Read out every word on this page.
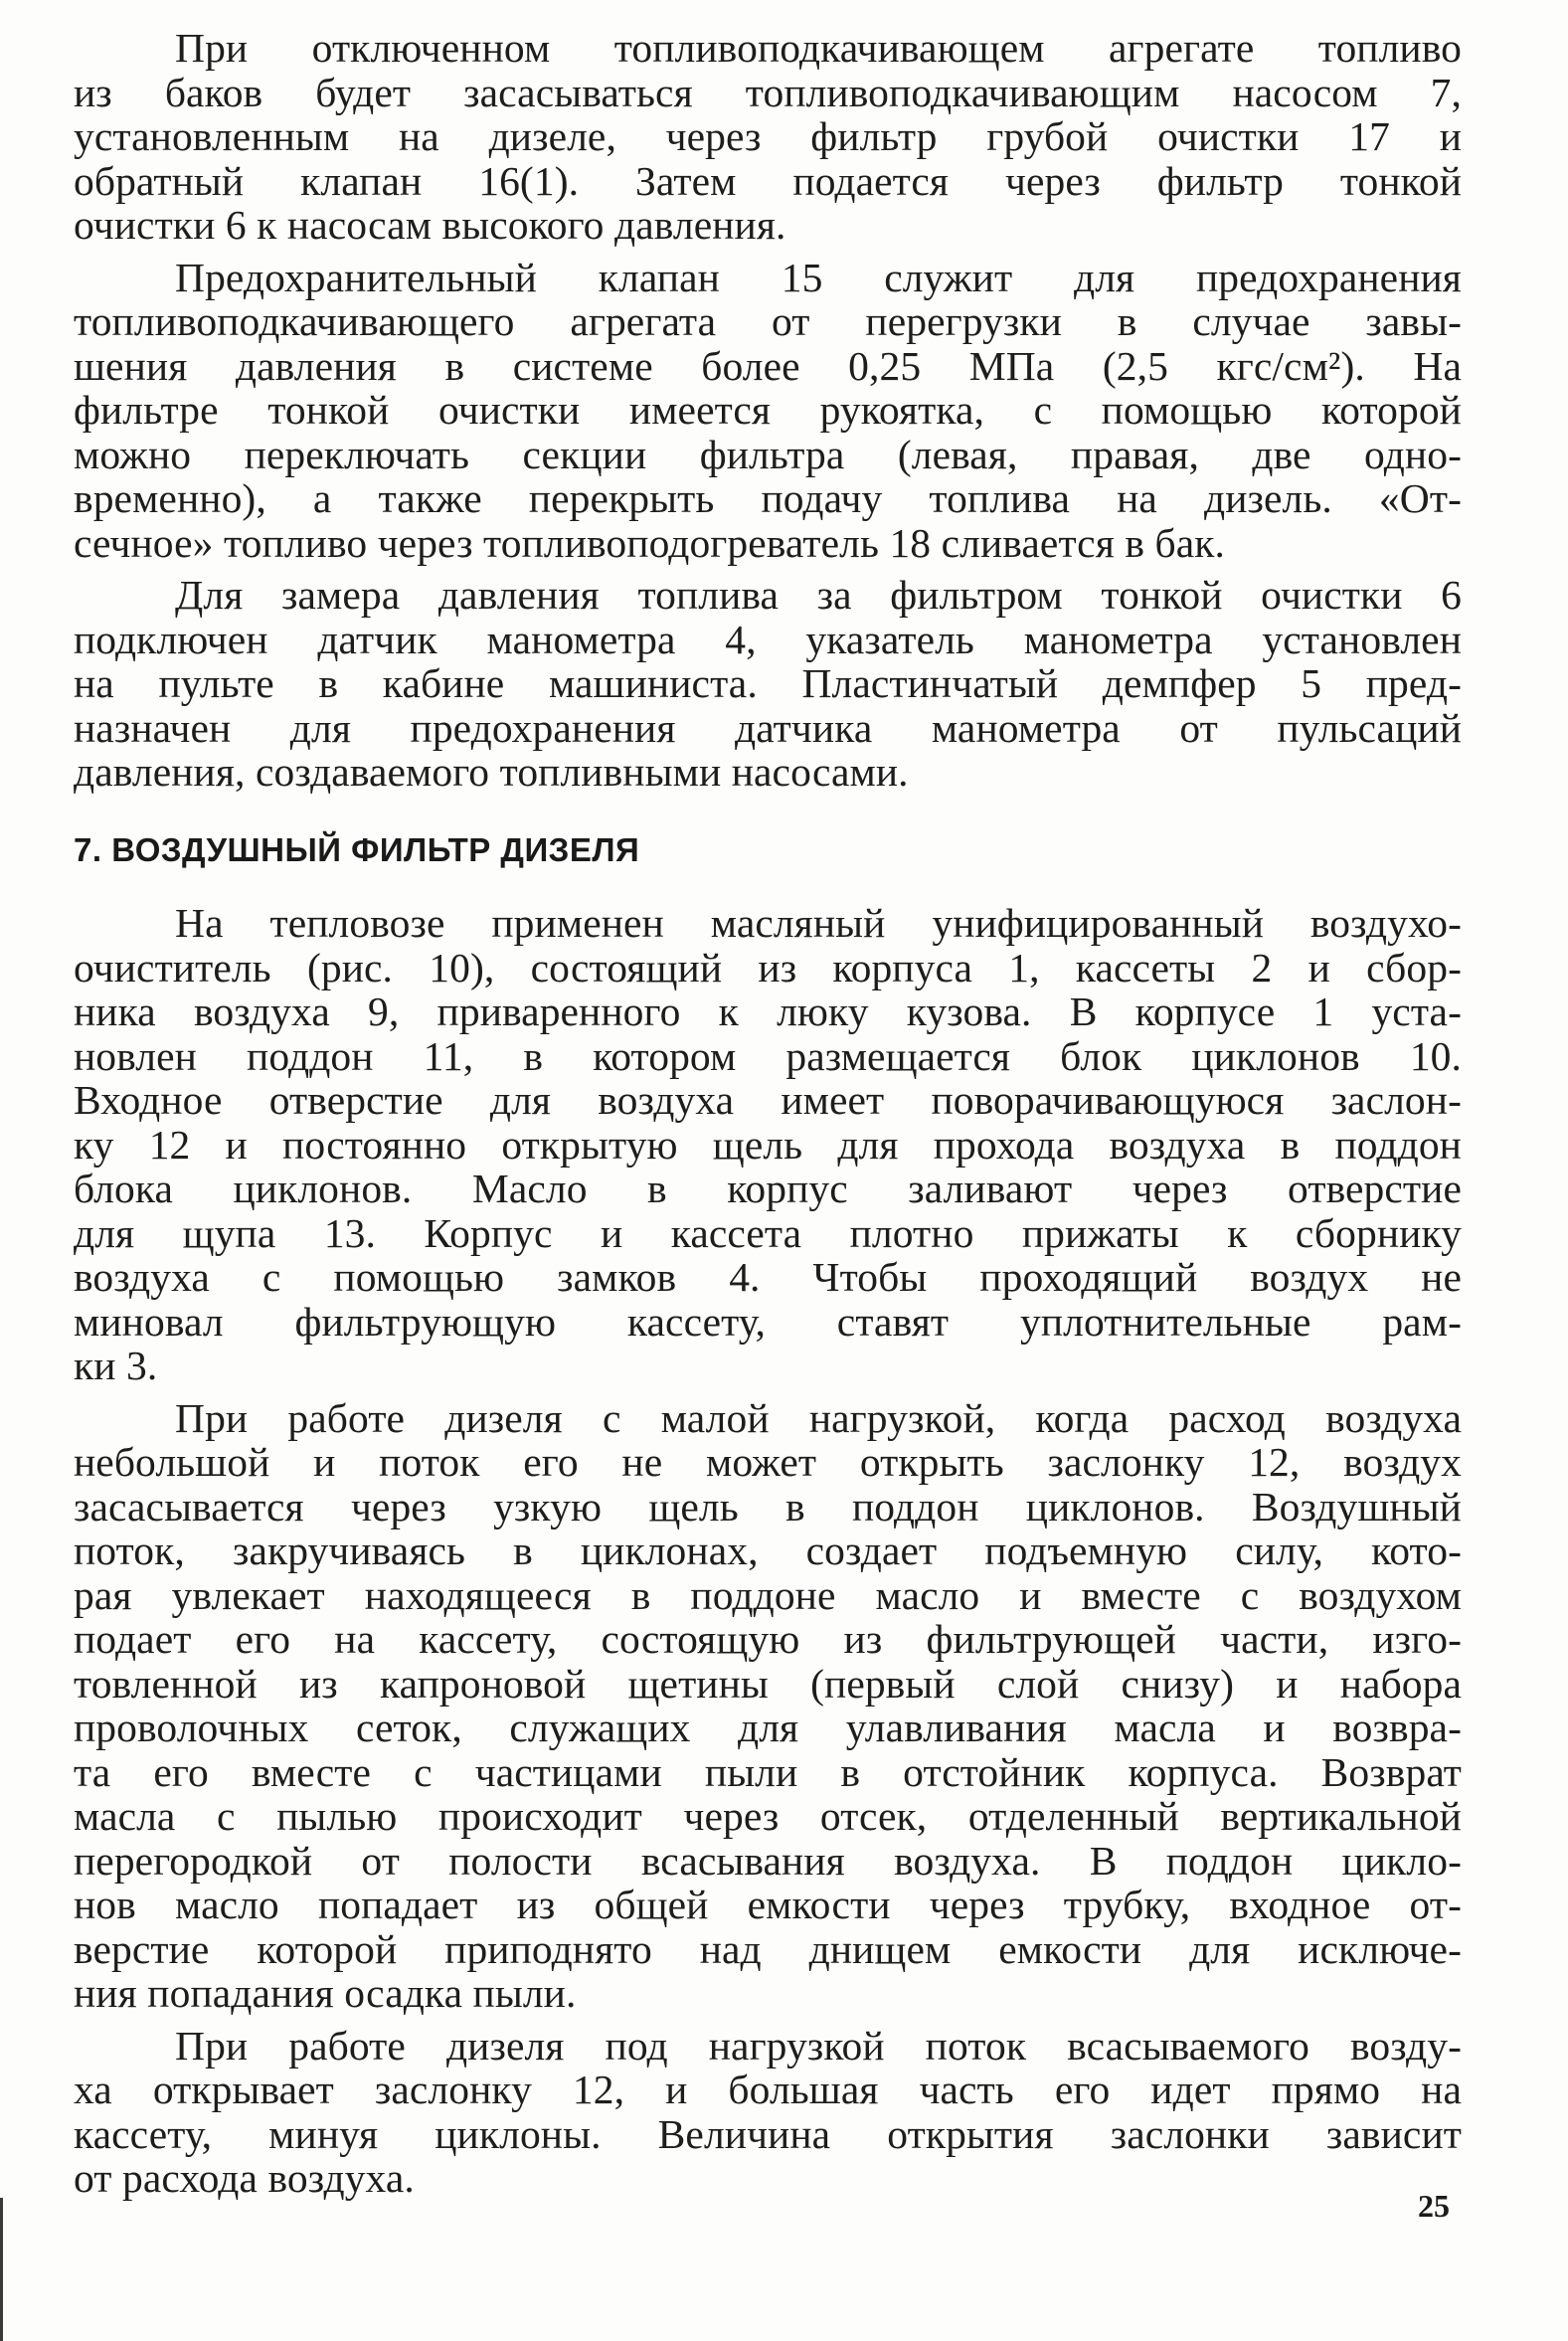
При отключенном топливоподкачивающем агрегате топливо
из баков будет засасываться топливоподкачивающим насосом 7,
установленным на дизеле, через фильтр грубой очистки 17 и
обратный клапан 16(1). Затем подается через фильтр тонкой
очистки 6 к насосам высокого давления.

Предохранительный клапан 15 служит для предохранения
топливоподкачивающего агрегата от перегрузки в случае завы-
шения давления в системе более 0,25 МПа (2,5 кгс/см²). На
фильтре тонкой очистки имеется рукоятка, с помощью которой
можно переключать секции фильтра (левая, правая, две одно-
временно), а также перекрыть подачу топлива на дизель. «От-
сечное» топливо через топливоподогреватель 18 сливается в бак.

Для замера давления топлива за фильтром тонкой очистки 6
подключен датчик манометра 4, указатель манометра установлен
на пульте в кабине машиниста. Пластинчатый демпфер 5 пред-
назначен для предохранения датчика манометра от пульсаций
давления, создаваемого топливными насосами.

7. ВОЗДУШНЫЙ ФИЛЬТР ДИЗЕЛЯ

На тепловозе применен масляный унифицированный воздухо-
очиститель (рис. 10), состоящий из корпуса 1, кассеты 2 и сбор-
ника воздуха 9, приваренного к люку кузова. В корпусе 1 уста-
новлен поддон 11, в котором размещается блок циклонов 10.
Входное отверстие для воздуха имеет поворачивающуюся заслон-
ку 12 и постоянно открытую щель для прохода воздуха в поддон
блока циклонов. Масло в корпус заливают через отверстие
для щупа 13. Корпус и кассета плотно прижаты к сборнику
воздуха с помощью замков 4. Чтобы проходящий воздух не
миновал фильтрующую кассету, ставят уплотнительные рам-
ки 3.

При работе дизеля с малой нагрузкой, когда расход воздуха
небольшой и поток его не может открыть заслонку 12, воздух
засасывается через узкую щель в поддон циклонов. Воздушный
поток, закручиваясь в циклонах, создает подъемную силу, кото-
рая увлекает находящееся в поддоне масло и вместе с воздухом
подает его на кассету, состоящую из фильтрующей части, изго-
товленной из капроновой щетины (первый слой снизу) и набора
проволочных сеток, служащих для улавливания масла и возвра-
та его вместе с частицами пыли в отстойник корпуса. Возврат
масла с пылью происходит через отсек, отделенный вертикальной
перегородкой от полости всасывания воздуха. В поддон цикло-
нов масло попадает из общей емкости через трубку, входное от-
верстие которой приподнято над днищем емкости для исключе-
ния попадания осадка пыли.

При работе дизеля под нагрузкой поток всасываемого возду-
ха открывает заслонку 12, и большая часть его идет прямо на
кассету, минуя циклоны. Величина открытия заслонки зависит
от расхода воздуха.

25
